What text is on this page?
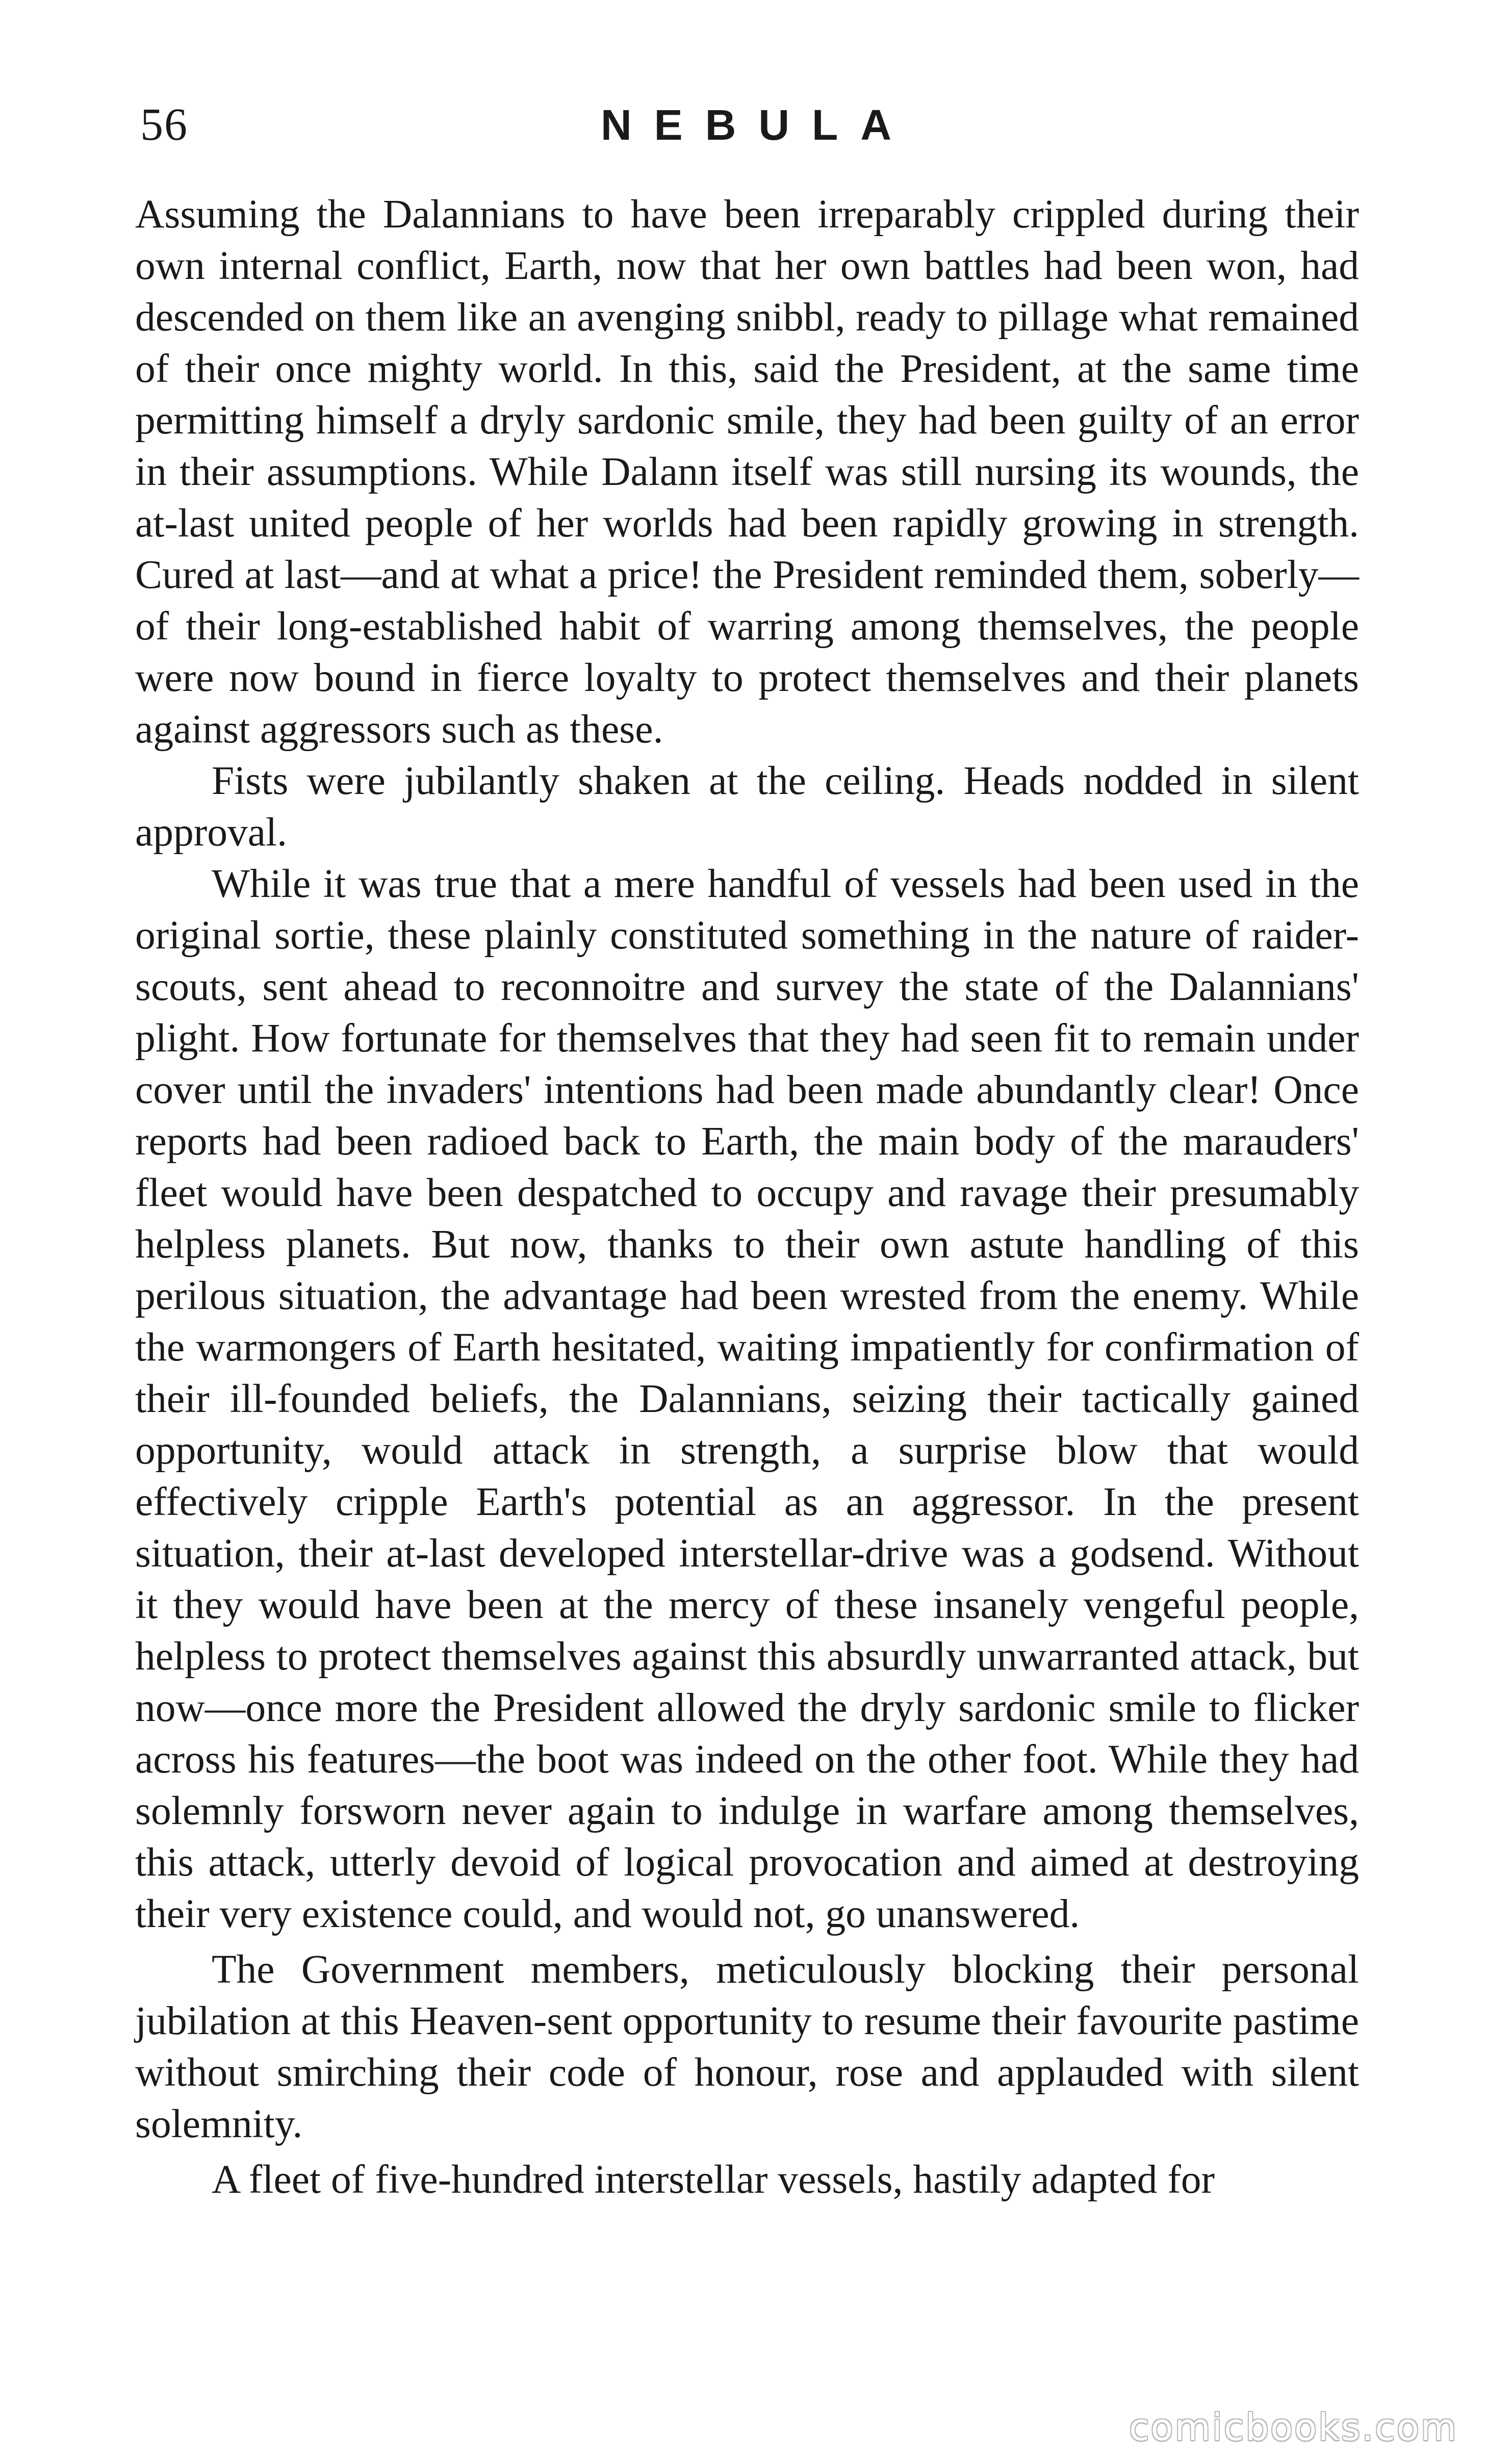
56	NEBULA

Assuming the Dalannians to have been irreparably crippled during their own internal conflict, Earth, now that her own battles had been won, had descended on them like an avenging snibbl, ready to pillage what remained of their once mighty world. In this, said the President, at the same time permitting himself a dryly sardonic smile, they had been guilty of an error in their assumptions. While Dalann itself was still nursing its wounds, the at-last united people of her worlds had been rapidly growing in strength. Cured at last—and at what a price! the President reminded them, soberly—of their long-established habit of warring among themselves, the people were now bound in fierce loyalty to protect themselves and their planets against aggressors such as these.

Fists were jubilantly shaken at the ceiling. Heads nodded in silent approval.

While it was true that a mere handful of vessels had been used in the original sortie, these plainly constituted something in the nature of raider-scouts, sent ahead to reconnoitre and survey the state of the Dalannians' plight. How fortunate for themselves that they had seen fit to remain under cover until the invaders' intentions had been made abundantly clear! Once reports had been radioed back to Earth, the main body of the marauders' fleet would have been despatched to occupy and ravage their presumably helpless planets. But now, thanks to their own astute handling of this perilous situation, the advantage had been wrested from the enemy. While the warmongers of Earth hesitated, waiting impatiently for confirmation of their ill-founded beliefs, the Dalannians, seizing their tactically gained opportunity, would attack in strength, a surprise blow that would effectively cripple Earth's potential as an aggressor. In the present situation, their at-last developed interstellar-drive was a godsend. Without it they would have been at the mercy of these insanely vengeful people, helpless to protect themselves against this absurdly unwarranted attack, but now—once more the President allowed the dryly sardonic smile to flicker across his features—the boot was indeed on the other foot. While they had solemnly forsworn never again to indulge in warfare among themselves, this attack, utterly devoid of logical provocation and aimed at destroying their very existence could, and would not, go unanswered.

The Government members, meticulously blocking their personal jubilation at this Heaven-sent opportunity to resume their favourite pastime without smirching their code of honour, rose and applauded with silent solemnity.

A fleet of five-hundred interstellar vessels, hastily adapted for

comicbooks.com
